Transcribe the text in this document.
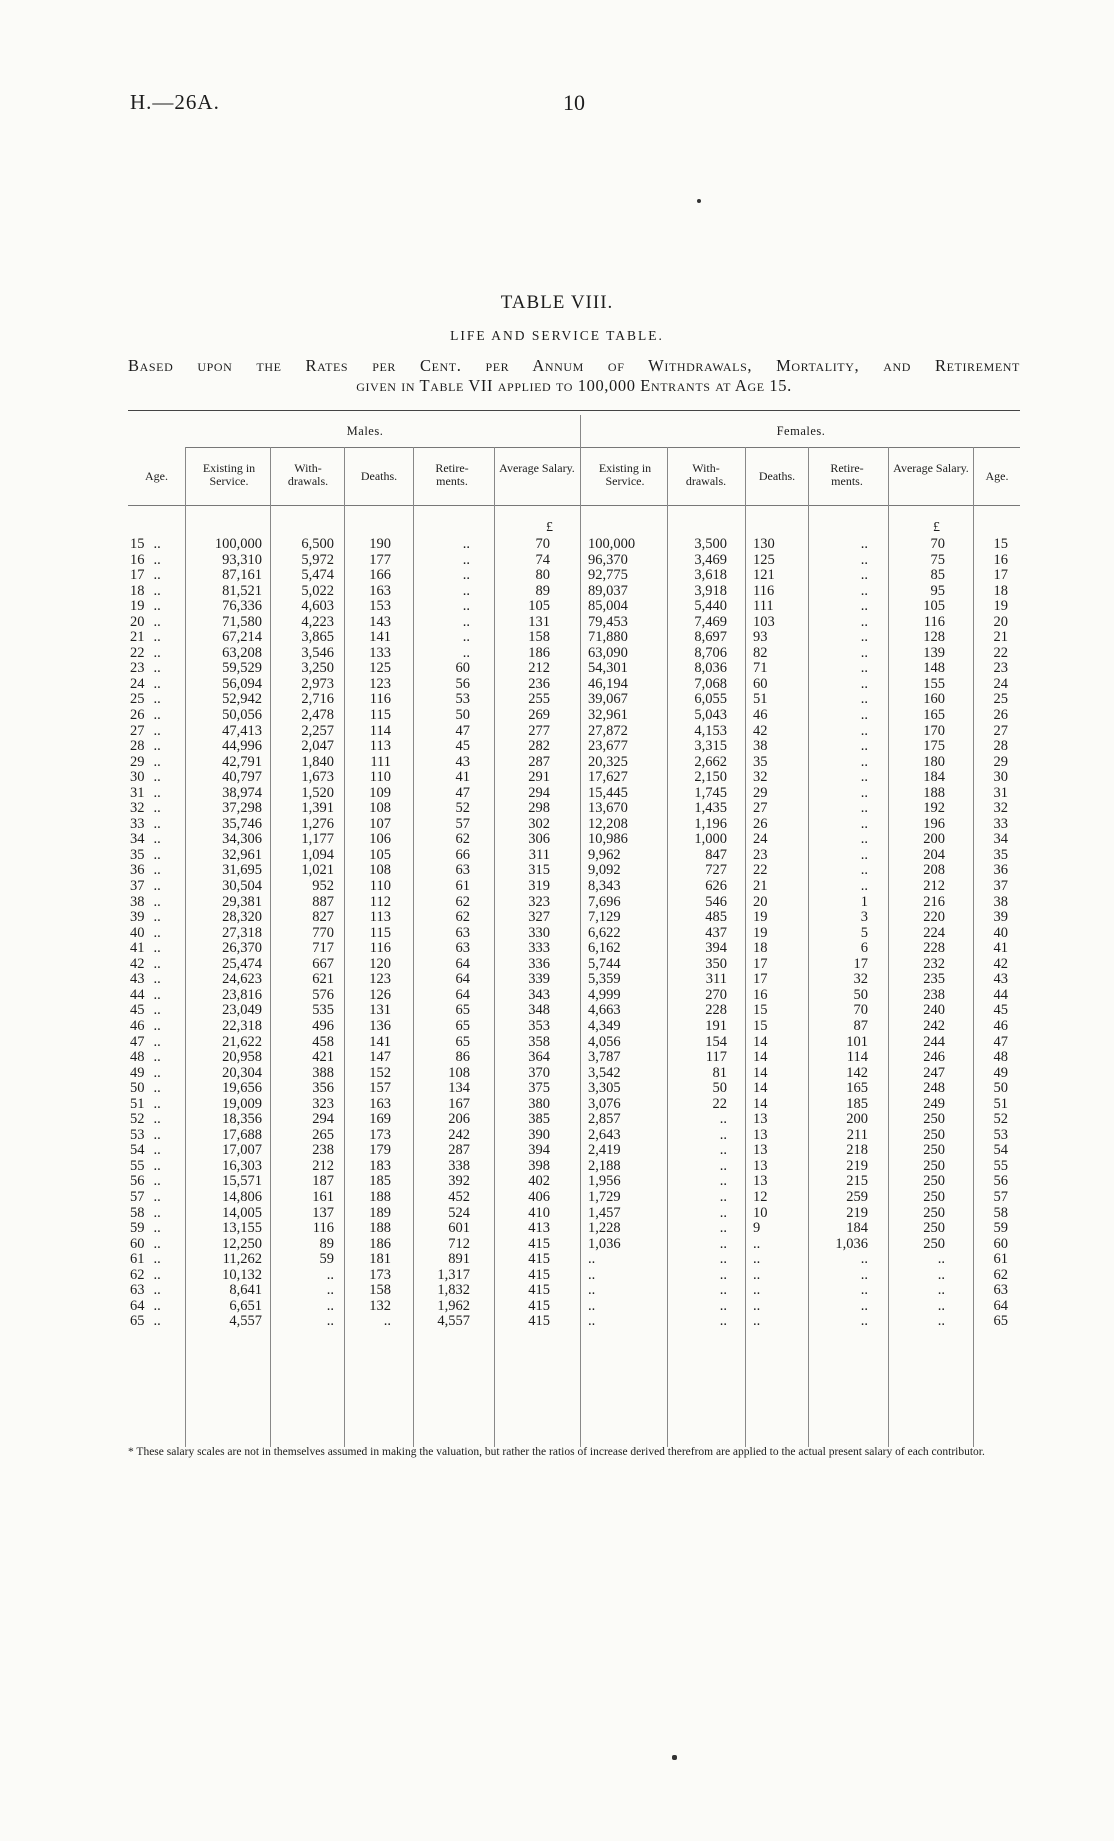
H.—26A.	10
TABLE VIII.
LIFE AND SERVICE TABLE.
Based upon the Rates per Cent. per Annum of Withdrawals, Mortality, and Retirement
given in Table VII applied to 100,000 Entrants at Age 15.
Males.	Females.
Age.
Existing in Service.
With- drawals.	Deaths.
Retire- ments.
Average Salary.	Existing in Service.
With- drawals.	Deaths.
Retire- ments.
Average Salary.
Age.
£	£
15 ..	100,000	6,500	190	..	70	100,000	3,500	130	..	70	15
16 ..	93,310	5,972	177	..	74	96,370	3,469	125	..	75	16
17 ..	87,161	5,474	166	..	80	92,775	3,618	121	..	85	17
18 ..	81,521	5,022	163	..	89	89,037	3,918	116	..	95	18
19 ..	76,336	4,603	153	..	105	85,004	5,440	111	..	105	19
20 ..	71,580	4,223	143	..	131	79,453	7,469	103	..	116	20
21 ..	67,214	3,865	141	..	158	71,880	8,697	93	..	128	21
22 ..	63,208	3,546	133	..	186	63,090	8,706	82	..	139	22
23 ..	59,529	3,250	125	60	212	54,301	8,036	71	..	148	23
24 ..	56,094	2,973	123	56	236	46,194	7,068	60	..	155	24
25 ..	52,942	2,716	116	53	255	39,067	6,055	51	..	160	25
26 ..	50,056	2,478	115	50	269	32,961	5,043	46	..	165	26
27 ..	47,413	2,257	114	47	277	27,872	4,153	42	..	170	27
28 ..	44,996	2,047	113	45	282	23,677	3,315	38	..	175	28
29 ..	42,791	1,840	111	43	287	20,325	2,662	35	..	180	29
30 ..	40,797	1,673	110	41	291	17,627	2,150	32	..	184	30
31 ..	38,974	1,520	109	47	294	15,445	1,745	29	..	188	31
32 ..	37,298	1,391	108	52	298	13,670	1,435	27	..	192	32
33 ..	35,746	1,276	107	57	302	12,208	1,196	26	..	196	33
34 ..	34,306	1,177	106	62	306	10,986	1,000	24	..	200	34
35 ..	32,961	1,094	105	66	311	9,962	847	23	..	204	35
36 ..	31,695	1,021	108	63	315	9,092	727	22	..	208	36
37 ..	30,504	952	110	61	319	8,343	626	21	..	212	37
38 ..	29,381	887	112	62	323	7,696	546	20	1	216	38
39 ..	28,320	827	113	62	327	7,129	485	19	3	220	39
40 ..	27,318	770	115	63	330	6,622	437	19	5	224	40
41 ..	26,370	717	116	63	333	6,162	394	18	6	228	41
42 ..	25,474	667	120	64	336	5,744	350	17	17	232	42
43 ..	24,623	621	123	64	339	5,359	311	17	32	235	43
44 ..	23,816	576	126	64	343	4,999	270	16	50	238	44
45 ..	23,049	535	131	65	348	4,663	228	15	70	240	45
46 ..	22,318	496	136	65	353	4,349	191	15	87	242	46
47 ..	21,622	458	141	65	358	4,056	154	14	101	244	47
48 ..	20,958	421	147	86	364	3,787	117	14	114	246	48
49 ..	20,304	388	152	108	370	3,542	81	14	142	247	49
50 ..	19,656	356	157	134	375	3,305	50	14	165	248	50
51 ..	19,009	323	163	167	380	3,076	22	14	185	249	51
52 ..	18,356	294	169	206	385	2,857	..	13	200	250	52
53 ..	17,688	265	173	242	390	2,643	..	13	211	250	53
54 ..	17,007	238	179	287	394	2,419	..	13	218	250	54
55 ..	16,303	212	183	338	398	2,188	..	13	219	250	55
56 ..	15,571	187	185	392	402	1,956	..	13	215	250	56
57 ..	14,806	161	188	452	406	1,729	..	12	259	250	57
58 ..	14,005	137	189	524	410	1,457	..	10	219	250	58
59 ..	13,155	116	188	601	413	1,228	..	9	184	250	59
60 ..	12,250	89	186	712	415	1,036	..	..	1,036	250	60
61 ..	11,262	59	181	891	415	..	..	..	..	..	61
62 ..	10,132	..	173	1,317	415	..	..	..	..	..	62
63 ..	8,641	..	158	1,832	415	..	..	..	..	..	63
64 ..	6,651	..	132	1,962	415	..	..	..	..	..	64
65 ..	4,557	..	..	4,557	415	..	..	..	..	..	65
* These salary scales are not in themselves assumed in making the valuation, but rather the ratios of increase derived therefrom are applied to the actual present salary of each contributor.
